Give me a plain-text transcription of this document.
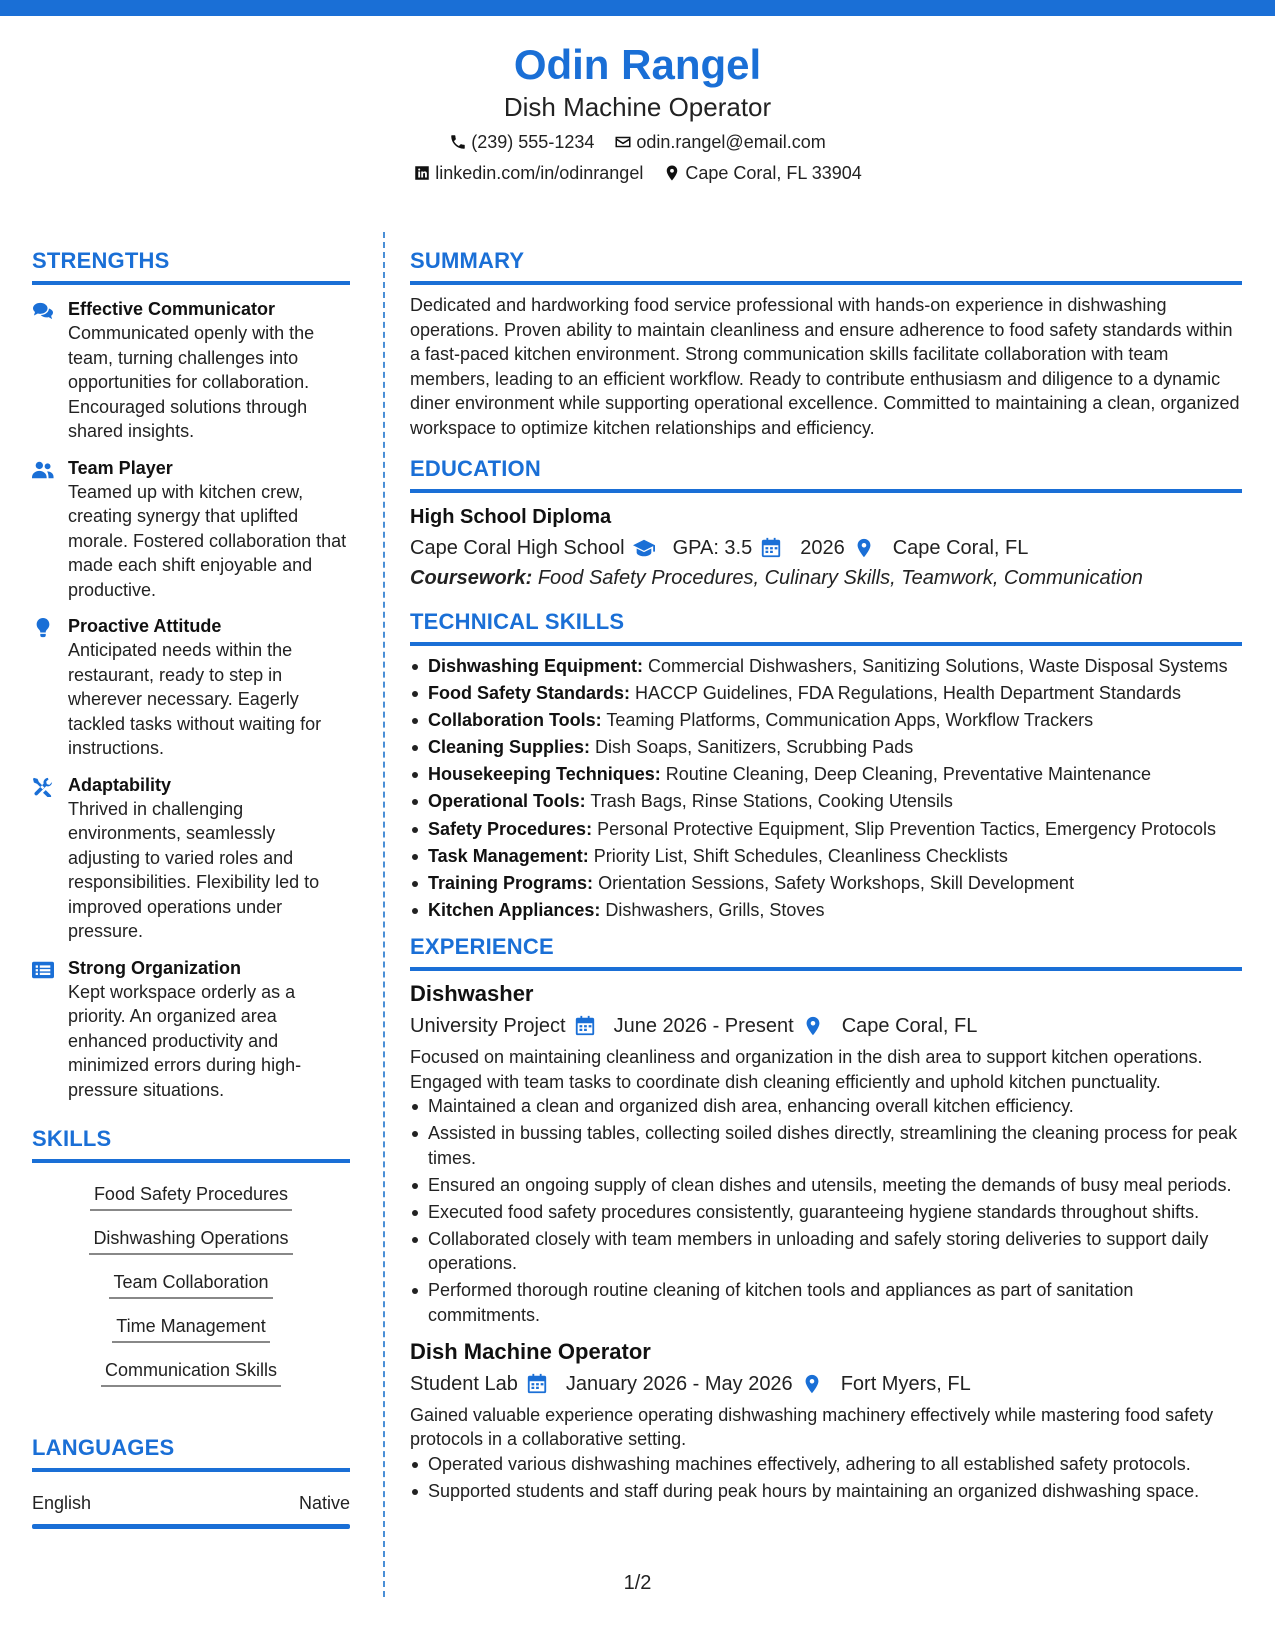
Odin Rangel
Dish Machine Operator
(239) 555-1234 odin.rangel@email.com
linkedin.com/in/odinrangel Cape Coral, FL 33904
STRENGTHS
Effective Communicator
Communicated openly with the team, turning challenges into opportunities for collaboration. Encouraged solutions through shared insights.
Team Player
Teamed up with kitchen crew, creating synergy that uplifted morale. Fostered collaboration that made each shift enjoyable and productive.
Proactive Attitude
Anticipated needs within the restaurant, ready to step in wherever necessary. Eagerly tackled tasks without waiting for instructions.
Adaptability
Thrived in challenging environments, seamlessly adjusting to varied roles and responsibilities. Flexibility led to improved operations under pressure.
Strong Organization
Kept workspace orderly as a priority. An organized area enhanced productivity and minimized errors during high-pressure situations.
SKILLS
Food Safety Procedures
Dishwashing Operations
Team Collaboration
Time Management
Communication Skills
LANGUAGES
English	Native
SUMMARY
Dedicated and hardworking food service professional with hands-on experience in dishwashing operations. Proven ability to maintain cleanliness and ensure adherence to food safety standards within a fast-paced kitchen environment. Strong communication skills facilitate collaboration with team members, leading to an efficient workflow. Ready to contribute enthusiasm and diligence to a dynamic diner environment while supporting operational excellence. Committed to maintaining a clean, organized workspace to optimize kitchen relationships and efficiency.
EDUCATION
High School Diploma
Cape Coral High School GPA: 3.5 2026 Cape Coral, FL
Coursework: Food Safety Procedures, Culinary Skills, Teamwork, Communication
TECHNICAL SKILLS
Dishwashing Equipment: Commercial Dishwashers, Sanitizing Solutions, Waste Disposal Systems
Food Safety Standards: HACCP Guidelines, FDA Regulations, Health Department Standards
Collaboration Tools: Teaming Platforms, Communication Apps, Workflow Trackers
Cleaning Supplies: Dish Soaps, Sanitizers, Scrubbing Pads
Housekeeping Techniques: Routine Cleaning, Deep Cleaning, Preventative Maintenance
Operational Tools: Trash Bags, Rinse Stations, Cooking Utensils
Safety Procedures: Personal Protective Equipment, Slip Prevention Tactics, Emergency Protocols
Task Management: Priority List, Shift Schedules, Cleanliness Checklists
Training Programs: Orientation Sessions, Safety Workshops, Skill Development
Kitchen Appliances: Dishwashers, Grills, Stoves
EXPERIENCE
Dishwasher
University Project June 2026 - Present Cape Coral, FL
Focused on maintaining cleanliness and organization in the dish area to support kitchen operations. Engaged with team tasks to coordinate dish cleaning efficiently and uphold kitchen punctuality.
Maintained a clean and organized dish area, enhancing overall kitchen efficiency.
Assisted in bussing tables, collecting soiled dishes directly, streamlining the cleaning process for peak times.
Ensured an ongoing supply of clean dishes and utensils, meeting the demands of busy meal periods.
Executed food safety procedures consistently, guaranteeing hygiene standards throughout shifts.
Collaborated closely with team members in unloading and safely storing deliveries to support daily operations.
Performed thorough routine cleaning of kitchen tools and appliances as part of sanitation commitments.
Dish Machine Operator
Student Lab January 2026 - May 2026 Fort Myers, FL
Gained valuable experience operating dishwashing machinery effectively while mastering food safety protocols in a collaborative setting.
Operated various dishwashing machines effectively, adhering to all established safety protocols.
Supported students and staff during peak hours by maintaining an organized dishwashing space.
1/2
